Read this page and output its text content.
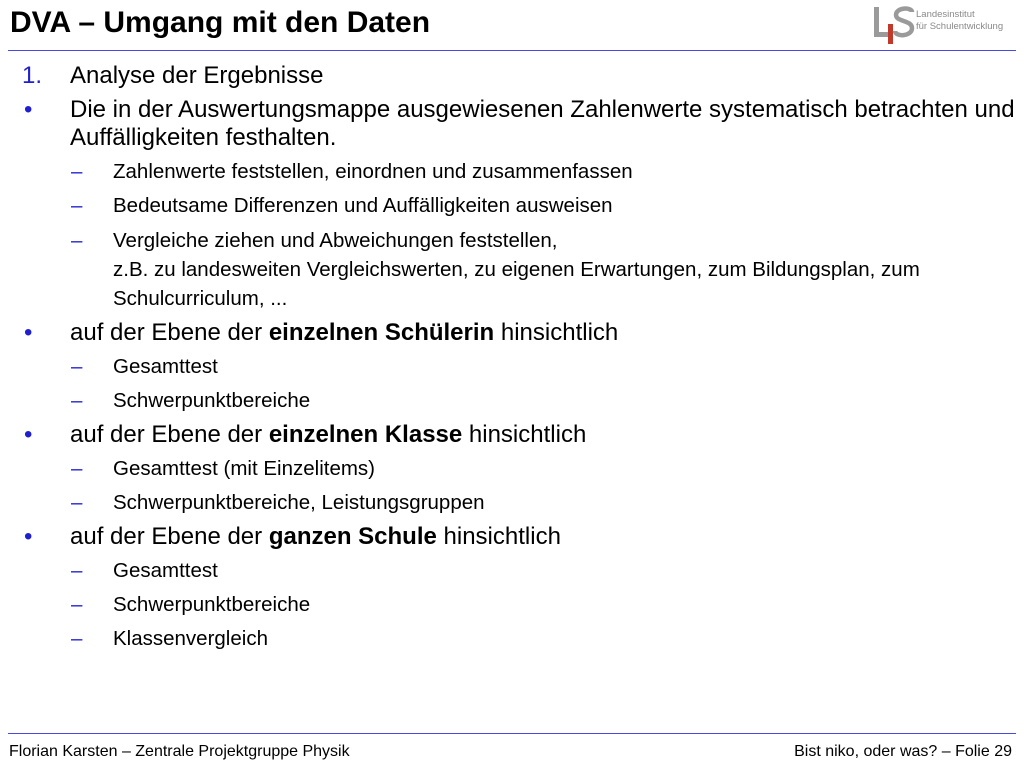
DVA – Umgang mit den Daten	Landesinstitut
für Schulentwicklung
1. Analyse der Ergebnisse
• Die in der Auswertungsmappe ausgewiesenen Zahlenwerte systematisch betrachten und Auffälligkeiten festhalten.
– Zahlenwerte feststellen, einordnen und zusammenfassen
– Bedeutsame Differenzen und Auffälligkeiten ausweisen
– Vergleiche ziehen und Abweichungen feststellen,
z.B. zu landesweiten Vergleichswerten, zu eigenen Erwartungen, zum Bildungsplan, zum Schulcurriculum, ...
• auf der Ebene der einzelnen Schülerin hinsichtlich
– Gesamttest
– Schwerpunktbereiche
• auf der Ebene der einzelnen Klasse hinsichtlich
– Gesamttest (mit Einzelitems)
– Schwerpunktbereiche, Leistungsgruppen
• auf der Ebene der ganzen Schule hinsichtlich
– Gesamttest
– Schwerpunktbereiche
– Klassenvergleich
Florian Karsten – Zentrale Projektgruppe Physik	Bist niko, oder was? – Folie 29
